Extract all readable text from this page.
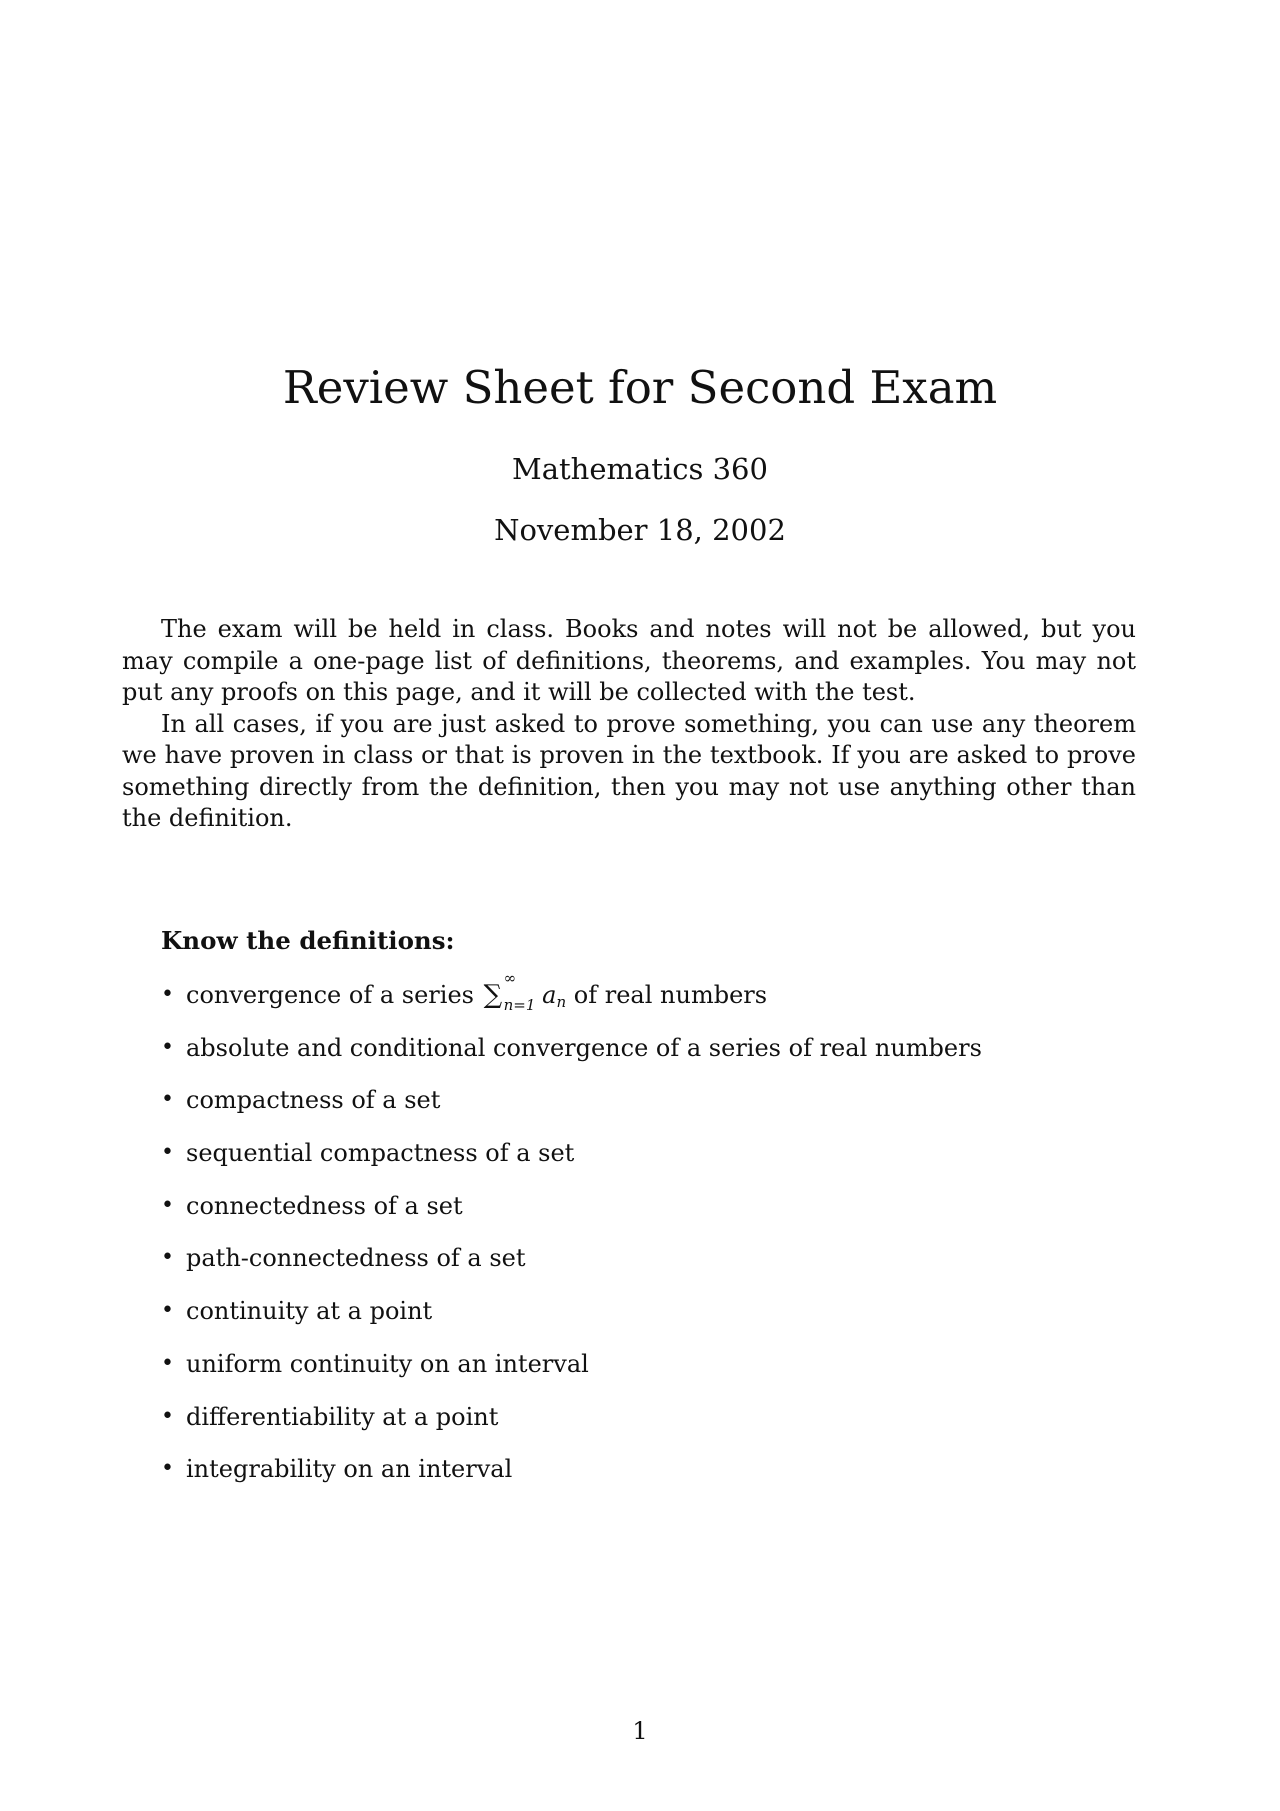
Review Sheet for Second Exam
Mathematics 360
November 18, 2002

The exam will be held in class. Books and notes will not be allowed, but you may compile a one-page list of definitions, theorems, and examples. You may not put any proofs on this page, and it will be collected with the test.

In all cases, if you are just asked to prove something, you can use any theorem we have proven in class or that is proven in the textbook. If you are asked to prove something directly from the definition, then you may not use anything other than the definition.

Know the definitions:
• convergence of a series ∑
∞
n=1 $a_n$ of real numbers
• absolute and conditional convergence of a series of real numbers
• compactness of a set
• sequential compactness of a set
• connectedness of a set
• path-connectedness of a set
• continuity at a point
• uniform continuity on an interval
• differentiability at a point
• integrability on an interval
1
